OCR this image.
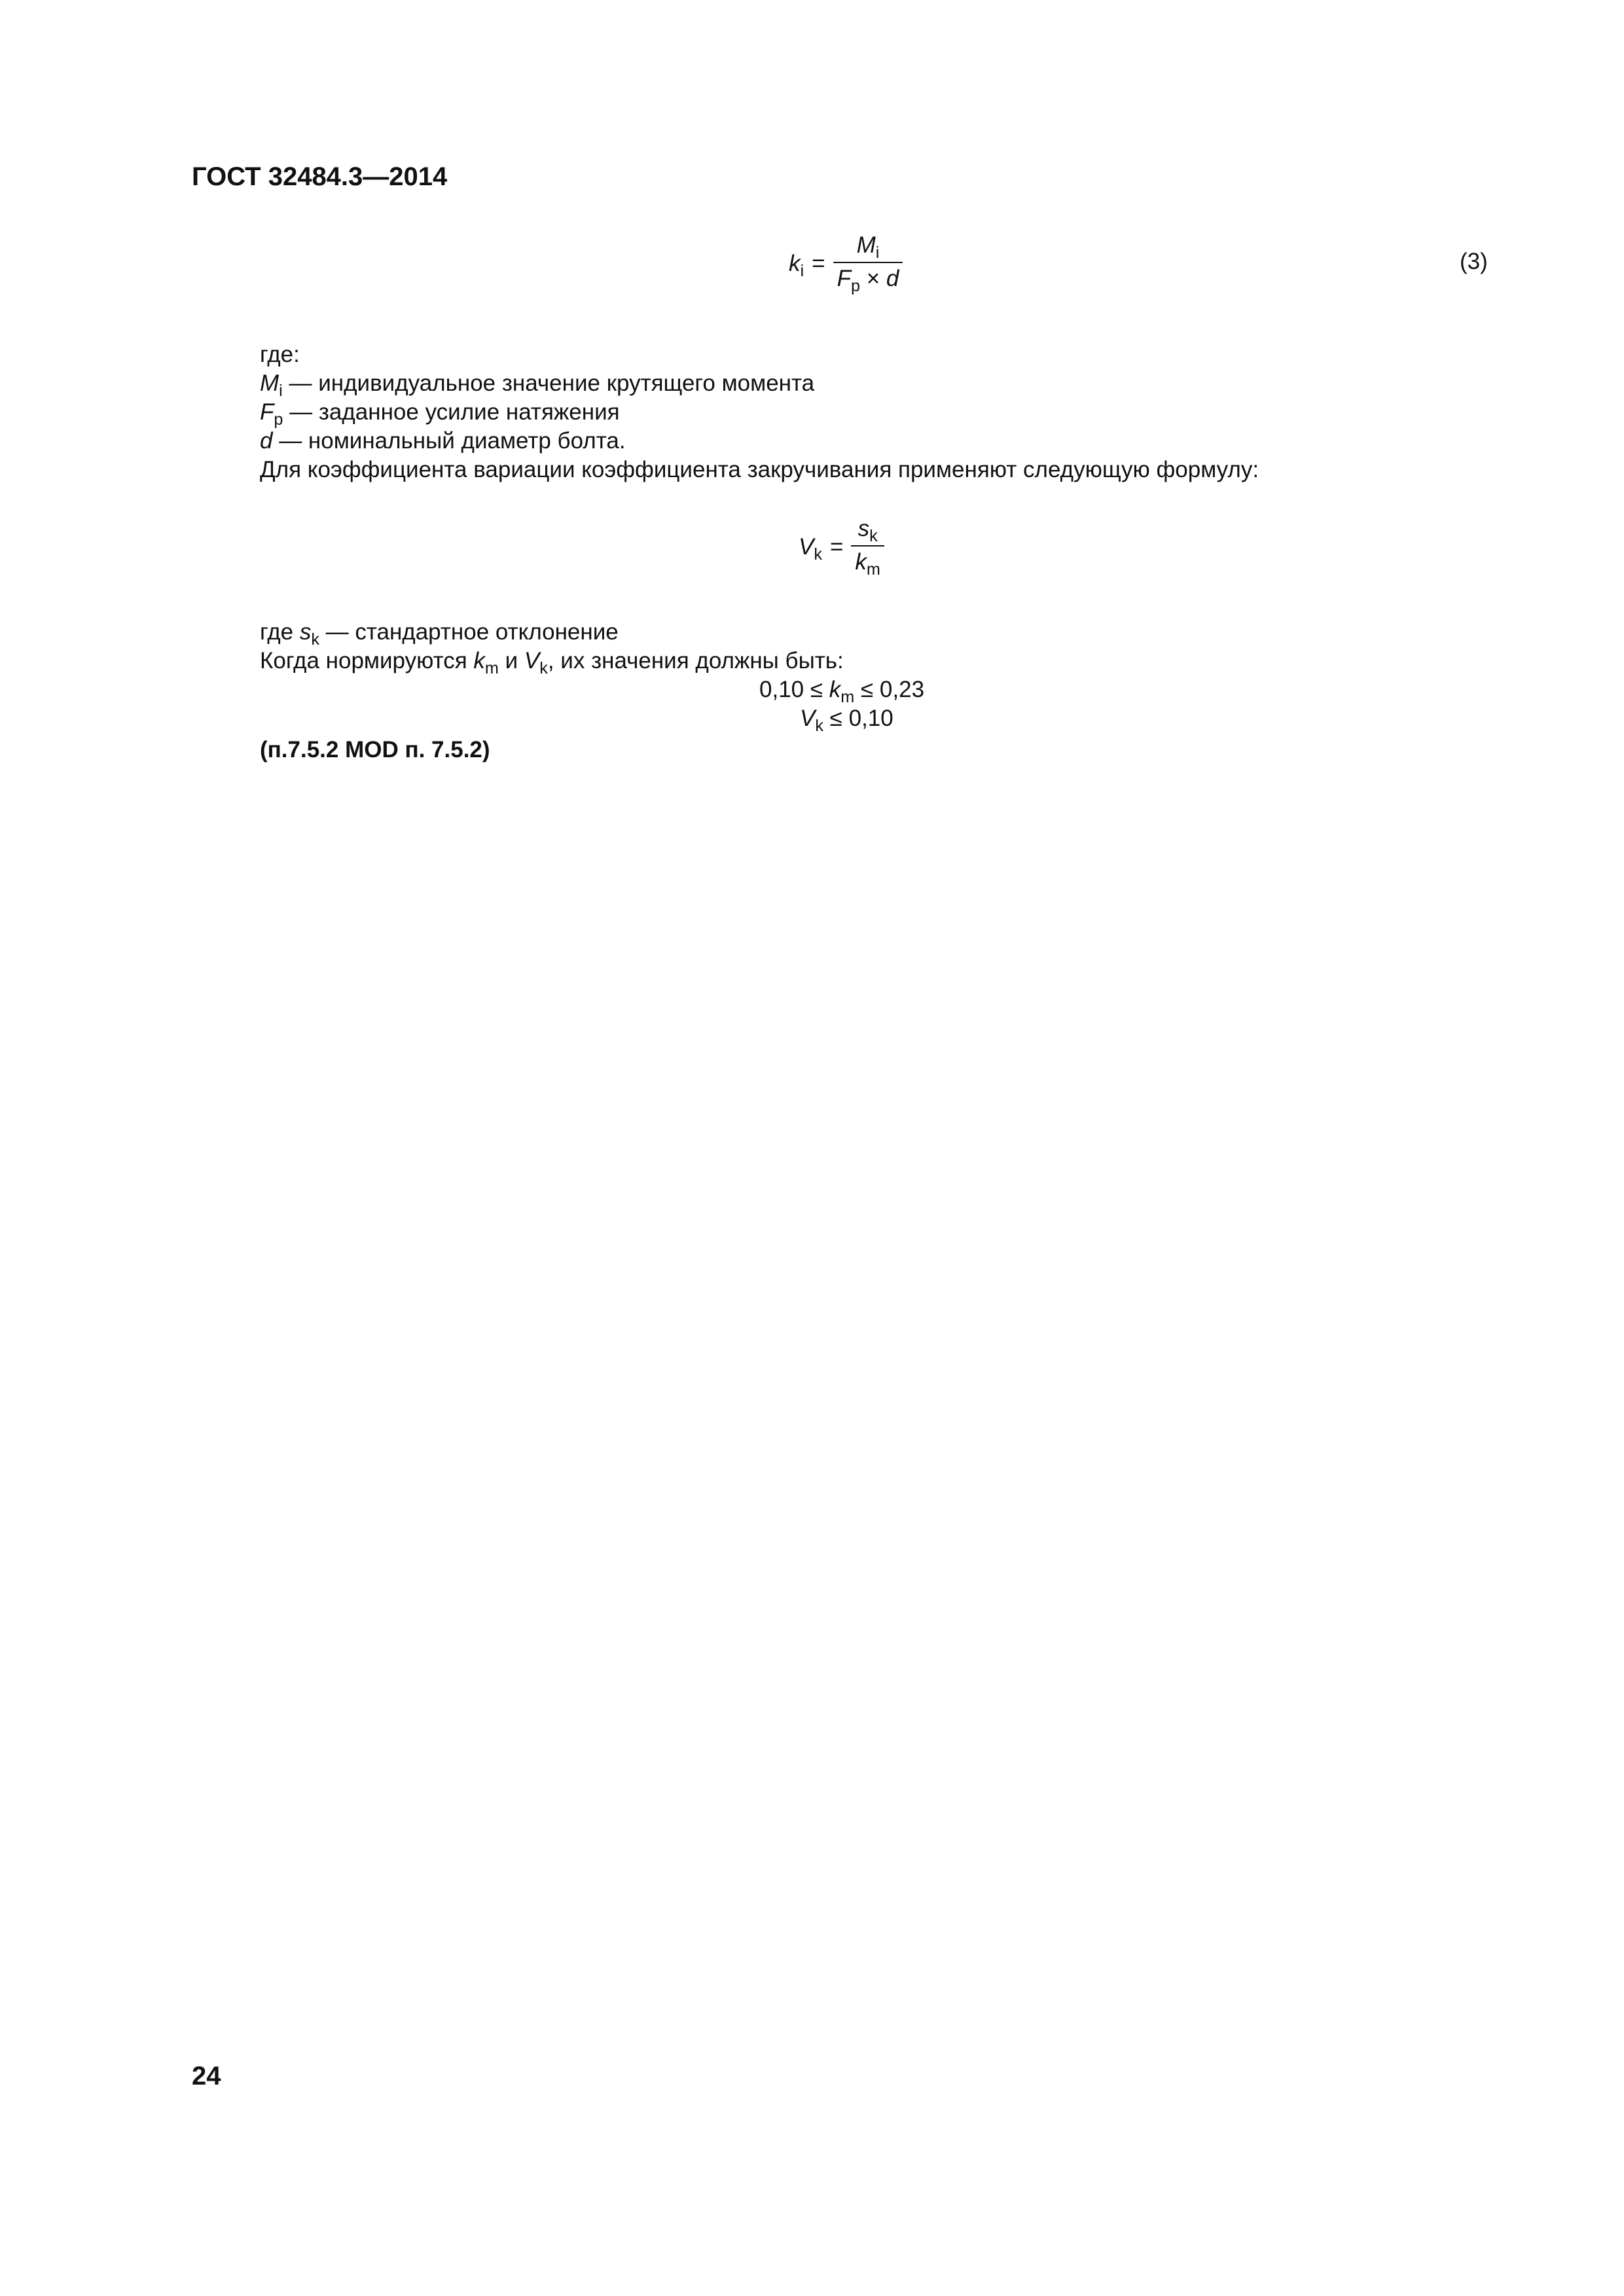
ГОСТ 32484.3—2014
$k_i = \frac{M_i}{F_p \times d}$	(3)
где:
$M_i$ — индивидуальное значение крутящего момента
$F_p$ — заданное усилие натяжения
d — номинальный диаметр болта.
Для коэффициента вариации коэффициента закручивания применяют следующую формулу:
$V_k = \frac{s_k}{k_m}$
где $s_k$ — стандартное отклонение
Когда нормируются $k_m$ и $V_k$, их значения должны быть:
$0,10 \le k_m \le 0,23$
$V_k \le 0,10$
(п.7.5.2 MOD п. 7.5.2)
24
